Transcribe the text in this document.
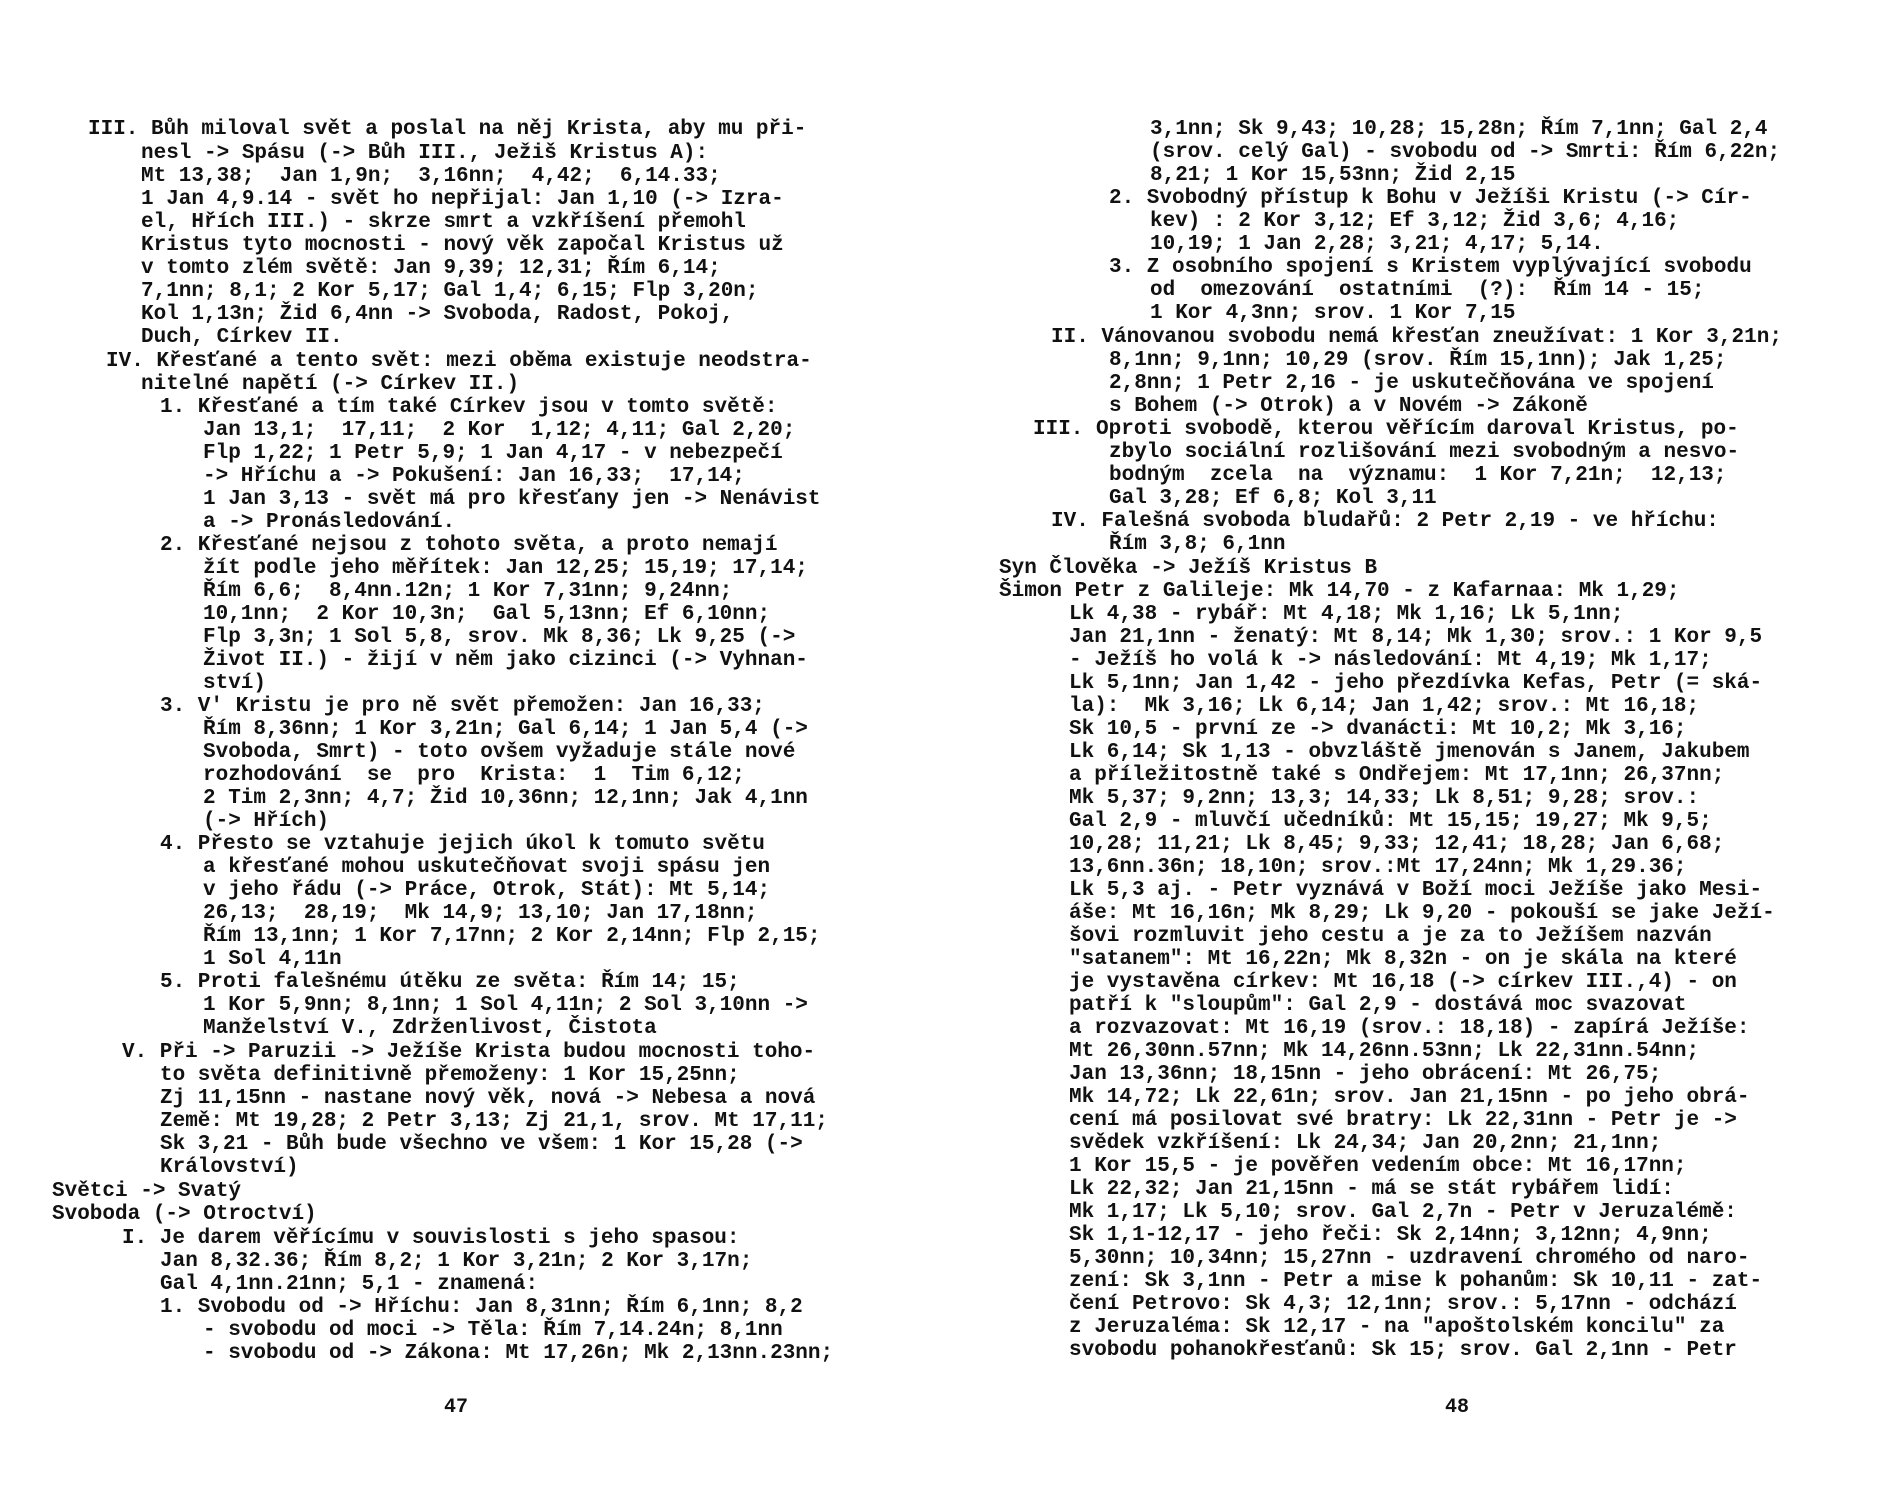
III. Bůh miloval svět a poslal na něj Krista, aby mu při-
nesl -> Spásu (-> Bůh III., Ježiš Kristus A):
Mt 13,38;  Jan 1,9n;  3,16nn;  4,42;  6,14.33;
1 Jan 4,9.14 - svět ho nepřijal: Jan 1,10 (-> Izra-
el, Hřích III.) - skrze smrt a vzkříšení přemohl
Kristus tyto mocnosti - nový věk započal Kristus už
v tomto zlém světě: Jan 9,39; 12,31; Řím 6,14;
7,1nn; 8,1; 2 Kor 5,17; Gal 1,4; 6,15; Flp 3,20n;
Kol 1,13n; Žid 6,4nn -> Svoboda, Radost, Pokoj,
Duch, Církev II.
IV. Křesťané a tento svět: mezi oběma existuje neodstra-
nitelné napětí (-> Církev II.)
1. Křesťané a tím také Církev jsou v tomto světě:
Jan 13,1;  17,11;  2 Kor  1,12; 4,11; Gal 2,20;
Flp 1,22; 1 Petr 5,9; 1 Jan 4,17 - v nebezpečí
-> Hříchu a -> Pokušení: Jan 16,33;  17,14;
1 Jan 3,13 - svět má pro křesťany jen -> Nenávist
a -> Pronásledování.
2. Křesťané nejsou z tohoto světa, a proto nemají
žít podle jeho měřítek: Jan 12,25; 15,19; 17,14;
Řím 6,6;  8,4nn.12n; 1 Kor 7,31nn; 9,24nn;
10,1nn;  2 Kor 10,3n;  Gal 5,13nn; Ef 6,10nn;
Flp 3,3n; 1 Sol 5,8, srov. Mk 8,36; Lk 9,25 (->
Život II.) - žijí v něm jako cizinci (-> Vyhnan-
ství)
3. V' Kristu je pro ně svět přemožen: Jan 16,33;
Řím 8,36nn; 1 Kor 3,21n; Gal 6,14; 1 Jan 5,4 (->
Svoboda, Smrt) - toto ovšem vyžaduje stále nové
rozhodování  se  pro  Krista:  1  Tim 6,12;
2 Tim 2,3nn; 4,7; Žid 10,36nn; 12,1nn; Jak 4,1nn
(-> Hřích)
4. Přesto se vztahuje jejich úkol k tomuto světu
a křesťané mohou uskutečňovat svoji spásu jen
v jeho řádu (-> Práce, Otrok, Stát): Mt 5,14;
26,13;  28,19;  Mk 14,9; 13,10; Jan 17,18nn;
Řím 13,1nn; 1 Kor 7,17nn; 2 Kor 2,14nn; Flp 2,15;
1 Sol 4,11n
5. Proti falešnému útěku ze světa: Řím 14; 15;
1 Kor 5,9nn; 8,1nn; 1 Sol 4,11n; 2 Sol 3,10nn ->
Manželství V., Zdrženlivost, Čistota
V. Při -> Paruzii -> Ježíše Krista budou mocnosti toho-
to světa definitivně přemoženy: 1 Kor 15,25nn;
Zj 11,15nn - nastane nový věk, nová -> Nebesa a nová
Země: Mt 19,28; 2 Petr 3,13; Zj 21,1, srov. Mt 17,11;
Sk 3,21 - Bůh bude všechno ve všem: 1 Kor 15,28 (->
Království)
Světci -> Svatý
Svoboda (-> Otroctví)
I. Je darem věřícímu v souvislosti s jeho spasou:
Jan 8,32.36; Řím 8,2; 1 Kor 3,21n; 2 Kor 3,17n;
Gal 4,1nn.21nn; 5,1 - znamená:
1. Svobodu od -> Hříchu: Jan 8,31nn; Řím 6,1nn; 8,2
- svobodu od moci -> Těla: Řím 7,14.24n; 8,1nn
- svobodu od -> Zákona: Mt 17,26n; Mk 2,13nn.23nn;
47
3,1nn; Sk 9,43; 10,28; 15,28n; Řím 7,1nn; Gal 2,4
(srov. celý Gal) - svobodu od -> Smrti: Řím 6,22n;
8,21; 1 Kor 15,53nn; Žid 2,15
2. Svobodný přístup k Bohu v Ježíši Kristu (-> Cír-
kev) : 2 Kor 3,12; Ef 3,12; Žid 3,6; 4,16;
10,19; 1 Jan 2,28; 3,21; 4,17; 5,14.
3. Z osobního spojení s Kristem vyplývající svobodu
od  omezování  ostatními  (?):  Řím 14 - 15;
1 Kor 4,3nn; srov. 1 Kor 7,15
II. Vánovanou svobodu nemá křesťan zneužívat: 1 Kor 3,21n;
8,1nn; 9,1nn; 10,29 (srov. Řím 15,1nn); Jak 1,25;
2,8nn; 1 Petr 2,16 - je uskutečňována ve spojení
s Bohem (-> Otrok) a v Novém -> Zákoně
III. Oproti svobodě, kterou věřícím daroval Kristus, po-
zbylo sociální rozlišování mezi svobodným a nesvo-
bodným  zcela  na  významu:  1 Kor 7,21n;  12,13;
Gal 3,28; Ef 6,8; Kol 3,11
IV. Falešná svoboda bludařů: 2 Petr 2,19 - ve hříchu:
Řím 3,8; 6,1nn
Syn Člověka -> Ježíš Kristus B
Šimon Petr z Galileje: Mk 14,70 - z Kafarnaa: Mk 1,29;
Lk 4,38 - rybář: Mt 4,18; Mk 1,16; Lk 5,1nn;
Jan 21,1nn - ženatý: Mt 8,14; Mk 1,30; srov.: 1 Kor 9,5
- Ježíš ho volá k -> následování: Mt 4,19; Mk 1,17;
Lk 5,1nn; Jan 1,42 - jeho přezdívka Kefas, Petr (= ská-
la):  Mk 3,16; Lk 6,14; Jan 1,42; srov.: Mt 16,18;
Sk 10,5 - první ze -> dvanácti: Mt 10,2; Mk 3,16;
Lk 6,14; Sk 1,13 - obvzláště jmenován s Janem, Jakubem
a příležitostně také s Ondřejem: Mt 17,1nn; 26,37nn;
Mk 5,37; 9,2nn; 13,3; 14,33; Lk 8,51; 9,28; srov.:
Gal 2,9 - mluvčí učedníků: Mt 15,15; 19,27; Mk 9,5;
10,28; 11,21; Lk 8,45; 9,33; 12,41; 18,28; Jan 6,68;
13,6nn.36n; 18,10n; srov.:Mt 17,24nn; Mk 1,29.36;
Lk 5,3 aj. - Petr vyznává v Boží moci Ježíše jako Mesi-
áše: Mt 16,16n; Mk 8,29; Lk 9,20 - pokouší se jake Ježí-
šovi rozmluvit jeho cestu a je za to Ježíšem nazván
"satanem": Mt 16,22n; Mk 8,32n - on je skála na které
je vystavěna církev: Mt 16,18 (-> církev III.,4) - on
patří k "sloupům": Gal 2,9 - dostává moc svazovat
a rozvazovat: Mt 16,19 (srov.: 18,18) - zapírá Ježíše:
Mt 26,30nn.57nn; Mk 14,26nn.53nn; Lk 22,31nn.54nn;
Jan 13,36nn; 18,15nn - jeho obrácení: Mt 26,75;
Mk 14,72; Lk 22,61n; srov. Jan 21,15nn - po jeho obrá-
cení má posilovat své bratry: Lk 22,31nn - Petr je ->
svědek vzkříšení: Lk 24,34; Jan 20,2nn; 21,1nn;
1 Kor 15,5 - je pověřen vedením obce: Mt 16,17nn;
Lk 22,32; Jan 21,15nn - má se stát rybářem lidí:
Mk 1,17; Lk 5,10; srov. Gal 2,7n - Petr v Jeruzalémě:
Sk 1,1-12,17 - jeho řeči: Sk 2,14nn; 3,12nn; 4,9nn;
5,30nn; 10,34nn; 15,27nn - uzdravení chromého od naro-
zení: Sk 3,1nn - Petr a mise k pohanům: Sk 10,11 - zat-
čení Petrovo: Sk 4,3; 12,1nn; srov.: 5,17nn - odchází
z Jeruzaléma: Sk 12,17 - na "apoštolském koncilu" za
svobodu pohanokřesťanů: Sk 15; srov. Gal 2,1nn - Petr
48
